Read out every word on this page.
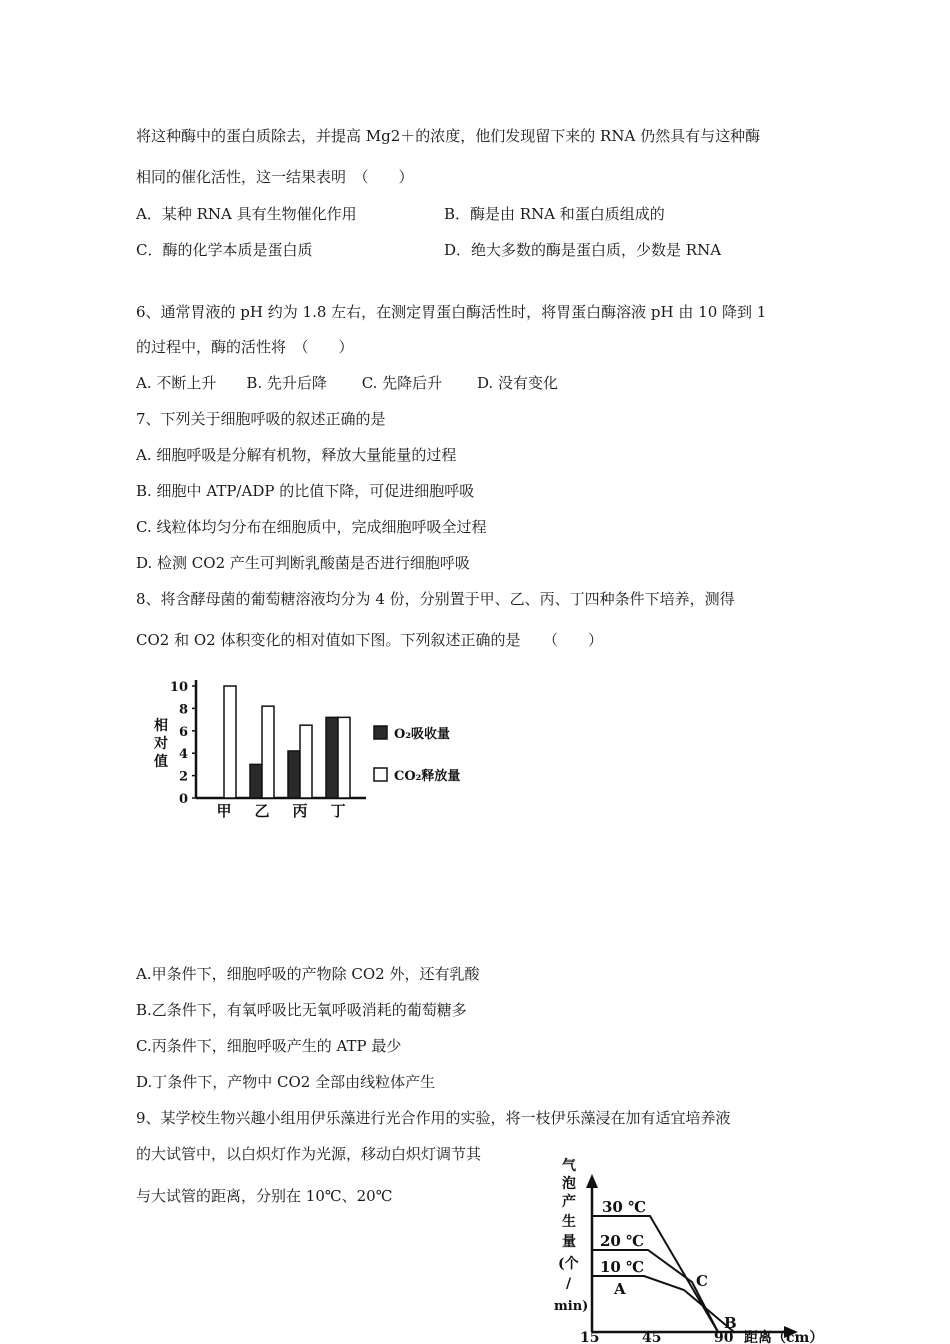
将这种酶中的蛋白质除去，并提高 Mg2＋的浓度，他们发现留下来的 RNA 仍然具有与这种酶
相同的催化活性，这一结果表明　（　　）
A．某种 RNA 具有生物催化作用	B．酶是由 RNA 和蛋白质组成的
C．酶的化学本质是蛋白质	D．绝大多数的酶是蛋白质，少数是 RNA
6、通常胃液的 pH 约为 1.8 左右，在测定胃蛋白酶活性时，将胃蛋白酶溶液 pH 由 10 降到 1
的过程中，酶的活性将　（　　）
A. 不断上升　　B. 先升后降　　 C. 先降后升　　 D. 没有变化
7、下列关于细胞呼吸的叙述正确的是
A. 细胞呼吸是分解有机物，释放大量能量的过程
B. 细胞中 ATP/ADP 的比值下降，可促进细胞呼吸
C. 线粒体均匀分布在细胞质中，完成细胞呼吸全过程
D. 检测 CO2 产生可判断乳酸菌是否进行细胞呼吸
8、将含酵母菌的葡萄糖溶液均分为 4 份，分别置于甲、乙、丙、丁四种条件下培养，测得
CO2 和 O2 体积变化的相对值如下图。下列叙述正确的是　　（　　）
相
对
值
0
2
4
6
8
10
甲 乙 丙 丁
O₂吸收量
CO₂释放量
A.甲条件下，细胞呼吸的产物除 CO2 外，还有乳酸
B.乙条件下，有氧呼吸比无氧呼吸消耗的葡萄糖多
C.丙条件下，细胞呼吸产生的 ATP 最少
D.丁条件下，产物中 CO2 全部由线粒体产生
9、某学校生物兴趣小组用伊乐藻进行光合作用的实验，将一枝伊乐藻浸在加有适宜培养液
的大试管中，以白炽灯作为光源，移动白炽灯调节其
与大试管的距离，分别在 10℃、20℃
30 ℃
20 ℃
10 ℃
A
B
C
气
泡
产
生
量
(个
/
min)
15	45	90 距离（cm）
